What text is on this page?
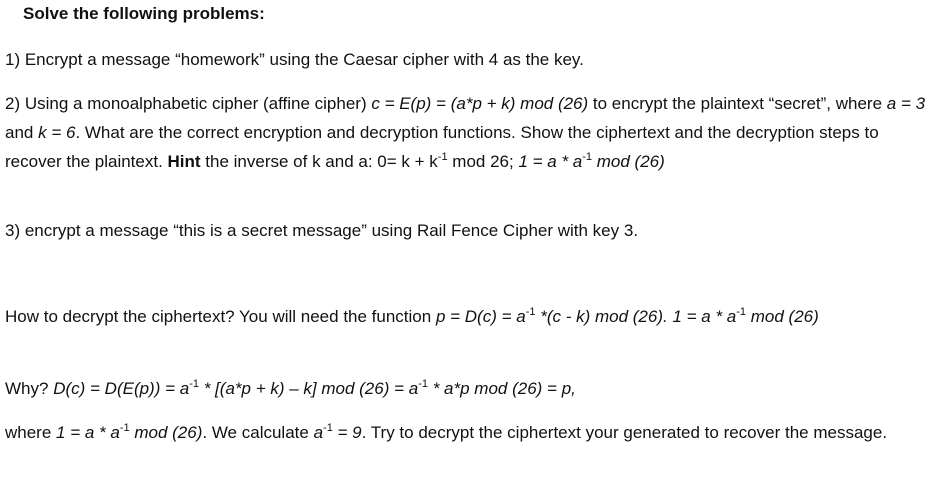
Solve the following problems:
1) Encrypt a message “homework” using the Caesar cipher with 4 as the key.
2) Using a monoalphabetic cipher (affine cipher) c = E(p) = (a*p + k) mod (26) to encrypt the plaintext “secret”, where a = 3 and k = 6. What are the correct encryption and decryption functions. Show the ciphertext and the decryption steps to recover the plaintext. Hint the inverse of k and a: $0= k + k^{-1}$ mod 26; $1 = a * a^{-1}$ mod (26)
3) encrypt a message “this is a secret message” using Rail Fence Cipher with key 3.
How to decrypt the ciphertext? You will need the function $p = D(c) = a^{-1}$ *(c - k) mod (26). $1 = a * a^{-1}$ mod (26)
Why? $D(c) = D(E(p)) = a^{-1} * [(a*p + k) - k]$ mod $(26) = a^{-1} * a*p$ mod (26) = p,
where $1 = a * a^{-1}$ mod (26). We calculate $a^{-1} = 9$. Try to decrypt the ciphertext your generated to recover the message.
